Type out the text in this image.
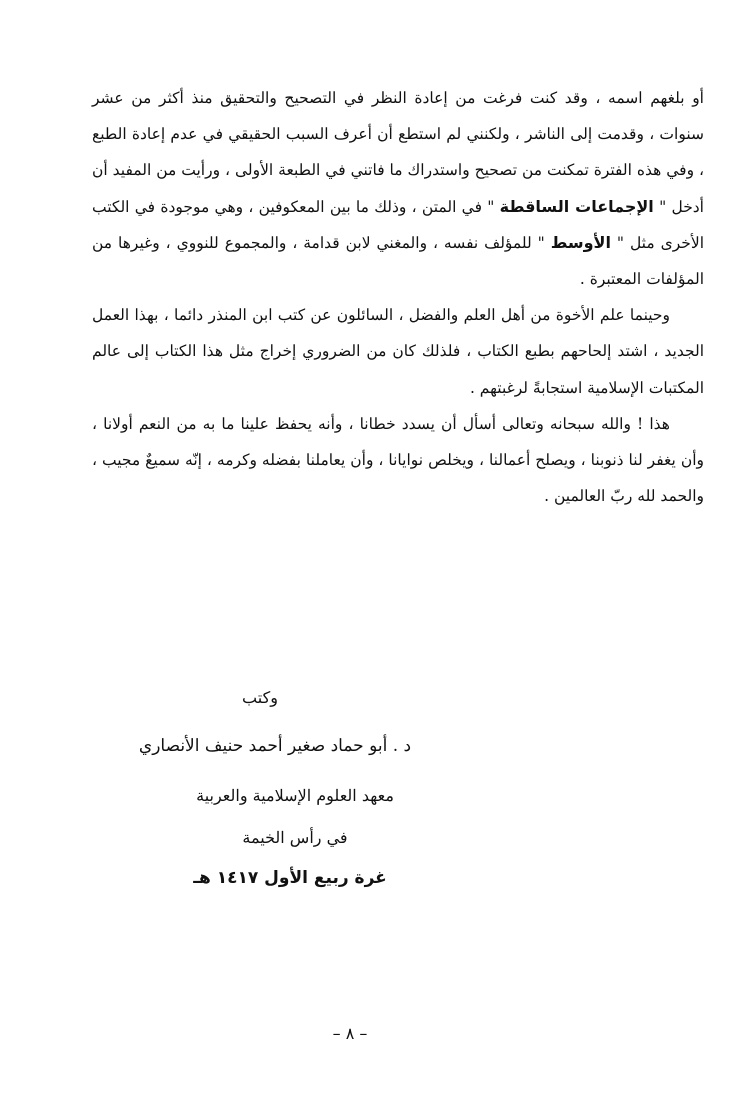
أو بلغهم اسمه ، وقد كنت فرغت من إعادة النظر في التصحيح والتحقيق منذ أكثر من عشر سنوات ، وقدمت إلى الناشر ، ولكنني لم استطع أن أعرف السبب الحقيقي في عدم إعادة الطبع ، وفي هذه الفترة تمكنت من تصحيح واستدراك ما فاتني في الطبعة الأولى ، ورأيت من المفيد أن أدخل " الإجماعات الساقطة " في المتن ، وذلك ما بين المعكوفين ، وهي موجودة في الكتب الأخرى مثل " الأوسط " للمؤلف نفسه ، والمغني لابن قدامة ، والمجموع للنووي ، وغيرها من المؤلفات المعتبرة .

وحينما علم الأخوة من أهل العلم والفضل ، السائلون عن كتب ابن المنذر دائما ، بهذا العمل الجديد ، اشتد إلحاحهم بطبع الكتاب ، فلذلك كان من الضروري إخراج مثل هذا الكتاب إلى عالم المكتبات الإسلامية استجابةً لرغبتهم .

هذا ! والله سبحانه وتعالى أسأل أن يسدد خطانا ، وأنه يحفظ علينا ما به من النعم أولانا ، وأن يغفر لنا ذنوبنا ، ويصلح أعمالنا ، ويخلص نوايانا ، وأن يعاملنا بفضله وكرمه ، إنّه سميعٌ مجيب ، والحمد لله ربّ العالمين .

وكتب
د . أبو حماد صغير أحمد حنيف الأنصاري
معهد العلوم الإسلامية والعربية
في رأس الخيمة
غرة ربيع الأول ١٤١٧ هـ
– ٨ –
